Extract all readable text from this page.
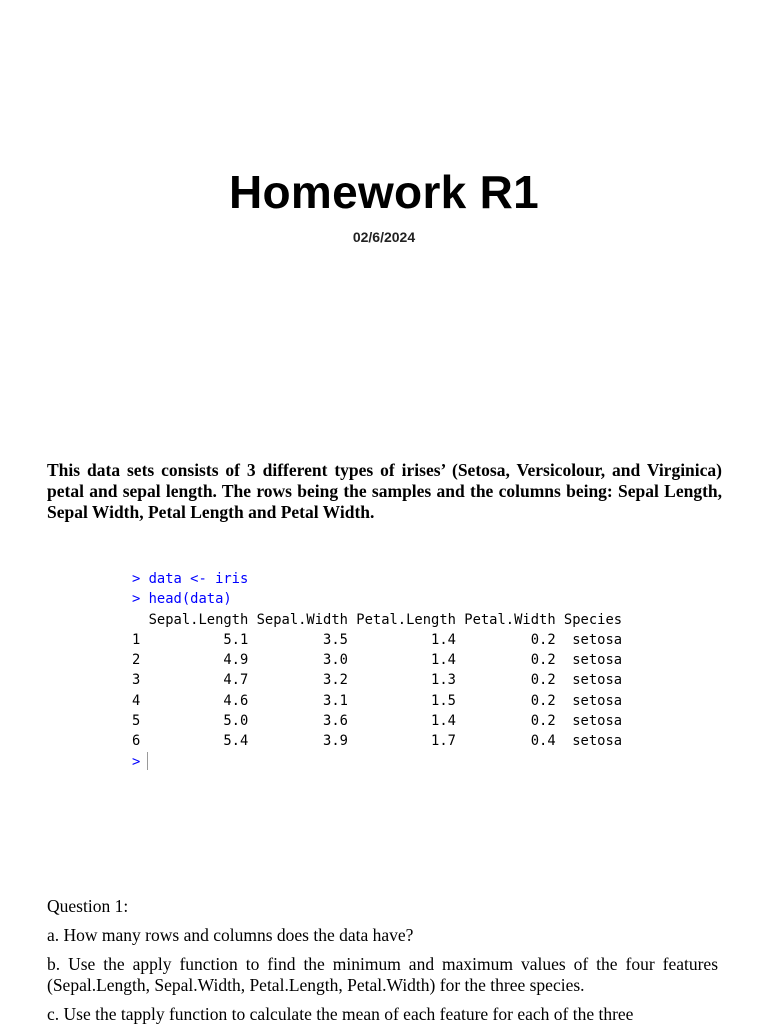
Homework R1
02/6/2024

This data sets consists of 3 different types of irises’ (Setosa, Versicolour, and Virginica) petal and sepal length. The rows being the samples and the columns being: Sepal Length, Sepal Width, Petal Length and Petal Width.

> data <- iris
> head(data)
Sepal.Length Sepal.Width Petal.Length Petal.Width Species
1          5.1         3.5          1.4         0.2  setosa
2          4.9         3.0          1.4         0.2  setosa
3          4.7         3.2          1.3         0.2  setosa
4          4.6         3.1          1.5         0.2  setosa
5          5.0         3.6          1.4         0.2  setosa
6          5.4         3.9          1.7         0.4  setosa
>

Question 1:

a. How many rows and columns does the data have?

b. Use the apply function to find the minimum and maximum values of the four features (Sepal.Length, Sepal.Width, Petal.Length, Petal.Width) for the three species.

c. Use the tapply function to calculate the mean of each feature for each of the three
